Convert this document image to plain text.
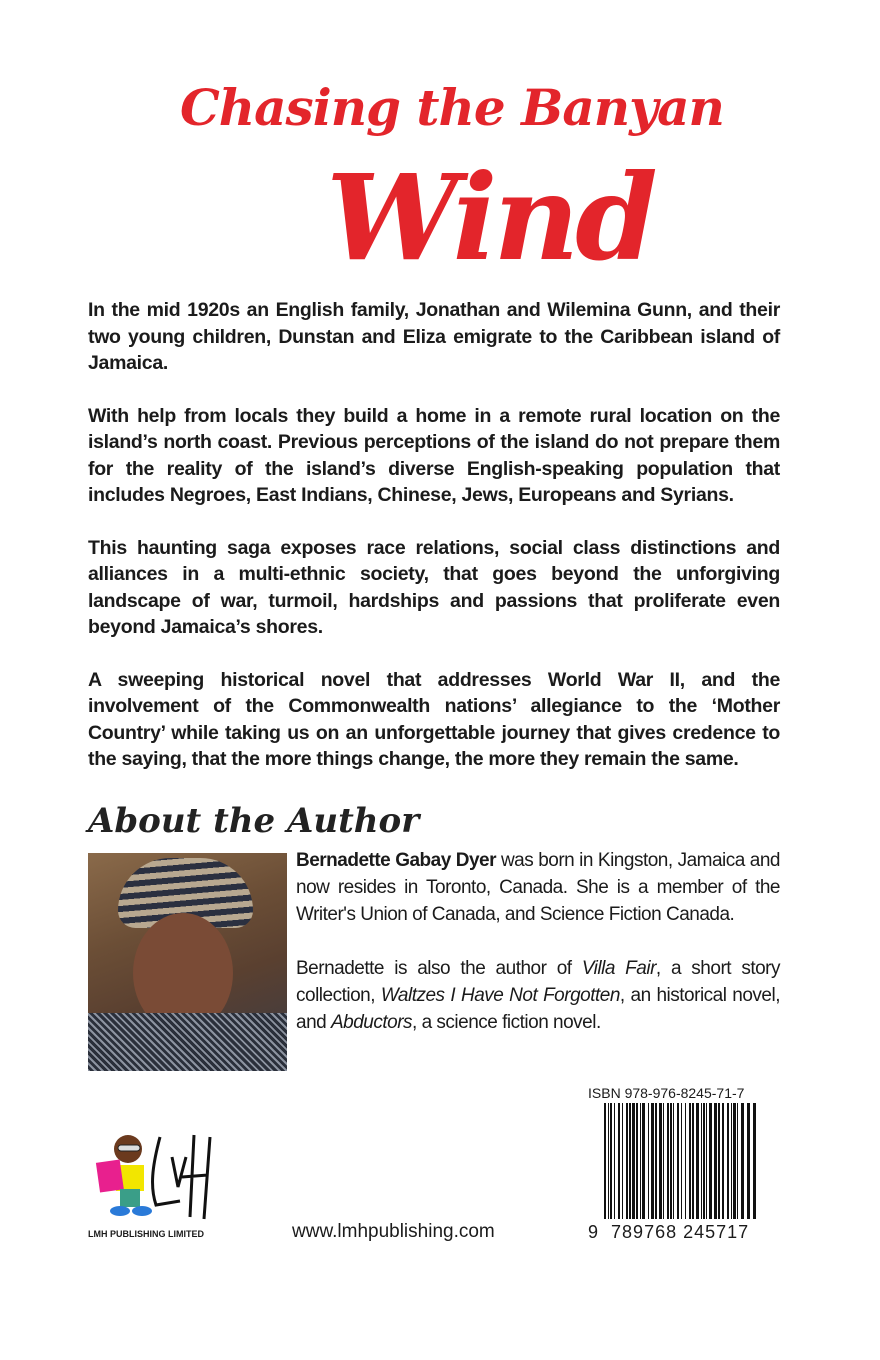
Chasing the Banyan
Wind

In the mid 1920s an English family, Jonathan and Wilemina Gunn, and their two young children, Dunstan and Eliza emigrate to the Caribbean island of Jamaica.

With help from locals they build a home in a remote rural location on the island’s north coast. Previous perceptions of the island do not prepare them for the reality of the island’s diverse English-speaking population that includes Negroes, East Indians, Chinese, Jews, Europeans and Syrians.

This haunting saga exposes race relations, social class distinctions and alliances in a multi-ethnic society, that goes beyond the unforgiving landscape of war, turmoil, hardships and passions that proliferate even beyond Jamaica’s shores.

A sweeping historical novel that addresses World War II, and the involvement of the Commonwealth nations’ allegiance to the ‘Mother Country’ while taking us on an unforgettable journey that gives credence to the saying, that the more things change, the more they remain the same.

About the Author

Bernadette Gabay Dyer was born in Kingston, Jamaica and now resides in Toronto, Canada. She is a member of the Writer's Union of Canada, and Science Fiction Canada.

Bernadette is also the author of Villa Fair, a short story collection, Waltzes I Have Not Forgotten, an historical novel, and Abductors, a science fiction novel.

LMH PUBLISHING LIMITED	www.lmhpublishing.com
ISBN 978-976-8245-71-7
9 789768 245717
